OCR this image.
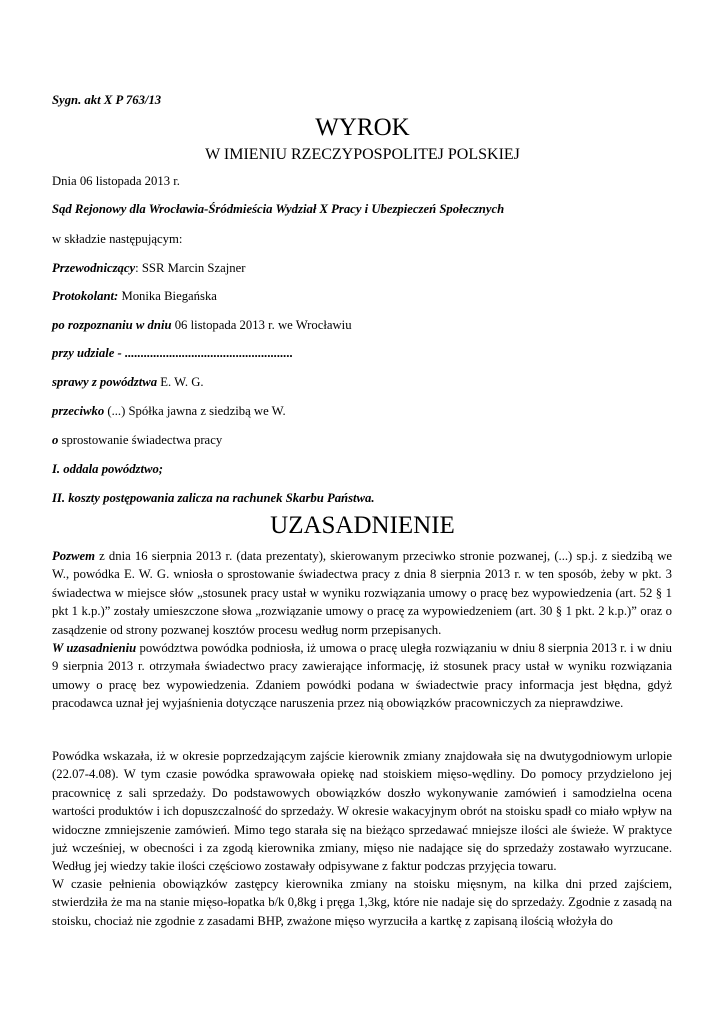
Sygn. akt X P 763/13
WYROK
W IMIENIU RZECZYPOSPOLITEJ POLSKIEJ
Dnia 06 listopada 2013 r.
Sąd Rejonowy dla Wrocławia-Śródmieścia Wydział X Pracy i Ubezpieczeń Społecznych
w składzie następującym:
Przewodniczący: SSR Marcin Szajner
Protokolant: Monika Biegańska
po rozpoznaniu w dniu 06 listopada 2013 r. we Wrocławiu
przy udziale - .....................................................
sprawy z powództwa E. W. G.
przeciwko (...) Spółka jawna z siedzibą we W.
o sprostowanie świadectwa pracy
I. oddala powództwo;
II. koszty postępowania zalicza na rachunek Skarbu Państwa.
UZASADNIENIE
Pozwem z dnia 16 sierpnia 2013 r. (data prezentaty), skierowanym przeciwko stronie pozwanej, (...) sp.j. z siedzibą we W., powódka E. W. G. wniosła o sprostowanie świadectwa pracy z dnia 8 sierpnia 2013 r. w ten sposób, żeby w pkt. 3 świadectwa w miejsce słów „stosunek pracy ustał w wyniku rozwiązania umowy o pracę bez wypowiedzenia (art. 52 § 1 pkt 1 k.p.)” zostały umieszczone słowa „rozwiązanie umowy o pracę za wypowiedzeniem (art. 30 § 1 pkt. 2 k.p.)” oraz o zasądzenie od strony pozwanej kosztów procesu według norm przepisanych.
W uzasadnieniu powództwa powódka podniosła, iż umowa o pracę uległa rozwiązaniu w dniu 8 sierpnia 2013 r. i w dniu 9 sierpnia 2013 r. otrzymała świadectwo pracy zawierające informację, iż stosunek pracy ustał w wyniku rozwiązania umowy o pracę bez wypowiedzenia. Zdaniem powódki podana w świadectwie pracy informacja jest błędna, gdyż pracodawca uznał jej wyjaśnienia dotyczące naruszenia przez nią obowiązków pracowniczych za nieprawdziwe.
Powódka wskazała, iż w okresie poprzedzającym zajście kierownik zmiany znajdowała się na dwutygodniowym urlopie (22.07-4.08). W tym czasie powódka sprawowała opiekę nad stoiskiem mięso-wędliny. Do pomocy przydzielono jej pracownicę z sali sprzedaży. Do podstawowych obowiązków doszło wykonywanie zamówień i samodzielna ocena wartości produktów i ich dopuszczalność do sprzedaży. W okresie wakacyjnym obrót na stoisku spadł co miało wpływ na widoczne zmniejszenie zamówień. Mimo tego starała się na bieżąco sprzedawać mniejsze ilości ale świeże. W praktyce już wcześniej, w obecności i za zgodą kierownika zmiany, mięso nie nadające się do sprzedaży zostawało wyrzucane. Według jej wiedzy takie ilości częściowo zostawały odpisywane z faktur podczas przyjęcia towaru.
W czasie pełnienia obowiązków zastępcy kierownika zmiany na stoisku mięsnym, na kilka dni przed zajściem, stwierdziła że ma na stanie mięso-łopatka b/k 0,8kg i pręga 1,3kg, które nie nadaje się do sprzedaży. Zgodnie z zasadą na stoisku, chociaż nie zgodnie z zasadami BHP, zważone mięso wyrzuciła a kartkę z zapisaną ilością włożyła do
